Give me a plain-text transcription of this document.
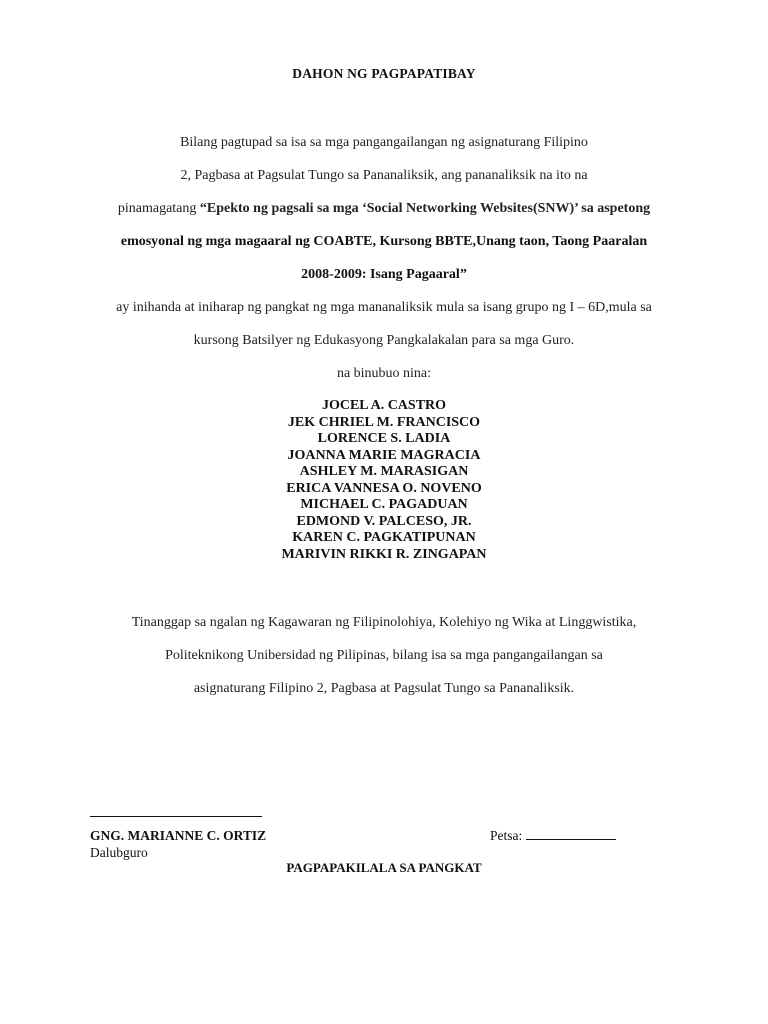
DAHON NG PAGPAPATIBAY
Bilang pagtupad sa isa sa mga pangangailangan ng asignaturang Filipino
2, Pagbasa at Pagsulat Tungo sa Pananaliksik, ang pananaliksik na ito na
pinamagatang “Epekto ng pagsali sa mga ‘Social Networking Websites(SNW)’ sa aspetong
emosyonal ng mga magaaral ng COABTE, Kursong BBTE,Unang taon, Taong Paaralan
2008-2009: Isang Pagaaral”
ay inihanda at iniharap ng pangkat ng mga mananaliksik mula sa isang grupo ng I – 6D,mula sa
kursong Batsilyer ng Edukasyong Pangkalakalan para sa mga Guro.
na binubuo nina:
JOCEL A. CASTRO
JEK CHRIEL M. FRANCISCO
LORENCE S. LADIA
JOANNA MARIE MAGRACIA
ASHLEY M. MARASIGAN
ERICA VANNESA O. NOVENO
MICHAEL C. PAGADUAN
EDMOND V. PALCESO, JR.
KAREN C. PAGKATIPUNAN
MARIVIN RIKKI R. ZINGAPAN
Tinanggap sa ngalan ng Kagawaran ng Filipinolohiya, Kolehiyo ng Wika at Linggwistika,
Politeknikong Unibersidad ng Pilipinas, bilang isa sa mga pangangailangan sa
asignaturang Filipino 2, Pagbasa at Pagsulat Tungo sa Pananaliksik.
GNG. MARIANNE C. ORTIZ
Dalubguro
Petsa:
PAGPAPAKILALA SA PANGKAT
